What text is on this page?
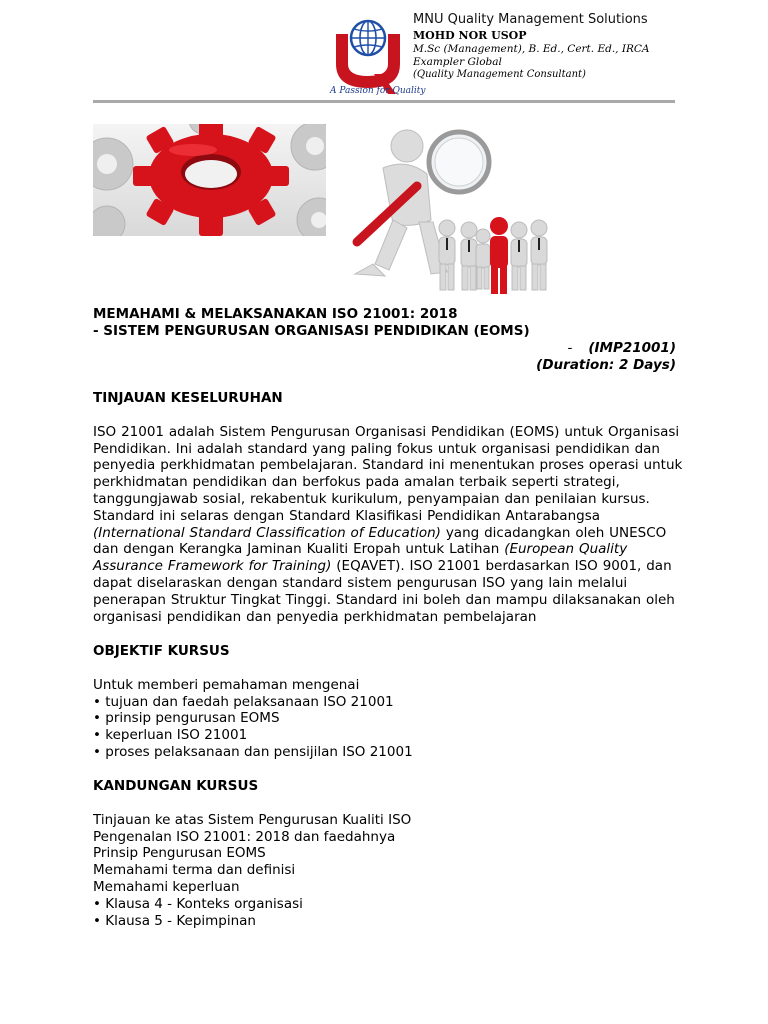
A Passion for Quality
MNU Quality Management Solutions
MOHD NOR USOP
M.Sc (Management), B. Ed., Cert. Ed., IRCA
Exampler Global
(Quality Management Consultant)
MEMAHAMI & MELAKSANAKAN ISO 21001: 2018
- SISTEM PENGURUSAN ORGANISASI PENDIDIKAN (EOMS)
- (IMP21001)
(Duration: 2 Days)

TINJAUAN KESELURUHAN

ISO 21001 adalah Sistem Pengurusan Organisasi Pendidikan (EOMS) untuk Organisasi Pendidikan. Ini adalah standard yang paling fokus untuk organisasi pendidikan dan penyedia perkhidmatan pembelajaran. Standard ini menentukan proses operasi untuk perkhidmatan pendidikan dan berfokus pada amalan terbaik seperti strategi, tanggungjawab sosial, rekabentuk kurikulum, penyampaian dan penilaian kursus. Standard ini selaras dengan Standard Klasifikasi Pendidikan Antarabangsa (International Standard Classification of Education) yang dicadangkan oleh UNESCO dan dengan Kerangka Jaminan Kualiti Eropah untuk Latihan (European Quality Assurance Framework for Training) (EQAVET). ISO 21001 berdasarkan ISO 9001, dan dapat diselaraskan dengan standard sistem pengurusan ISO yang lain melalui penerapan Struktur Tingkat Tinggi. Standard ini boleh dan mampu dilaksanakan oleh organisasi pendidikan dan penyedia perkhidmatan pembelajaran

OBJEKTIF KURSUS

Untuk memberi pemahaman mengenai

• tujuan dan faedah pelaksanaan ISO 21001

• prinsip pengurusan EOMS

• keperluan ISO 21001

• proses pelaksanaan dan pensijilan ISO 21001

KANDUNGAN KURSUS

Tinjauan ke atas Sistem Pengurusan Kualiti ISO

Pengenalan ISO 21001: 2018 dan faedahnya

Prinsip Pengurusan EOMS

Memahami terma dan definisi

Memahami keperluan

• Klausa 4 - Konteks organisasi

• Klausa 5 - Kepimpinan
